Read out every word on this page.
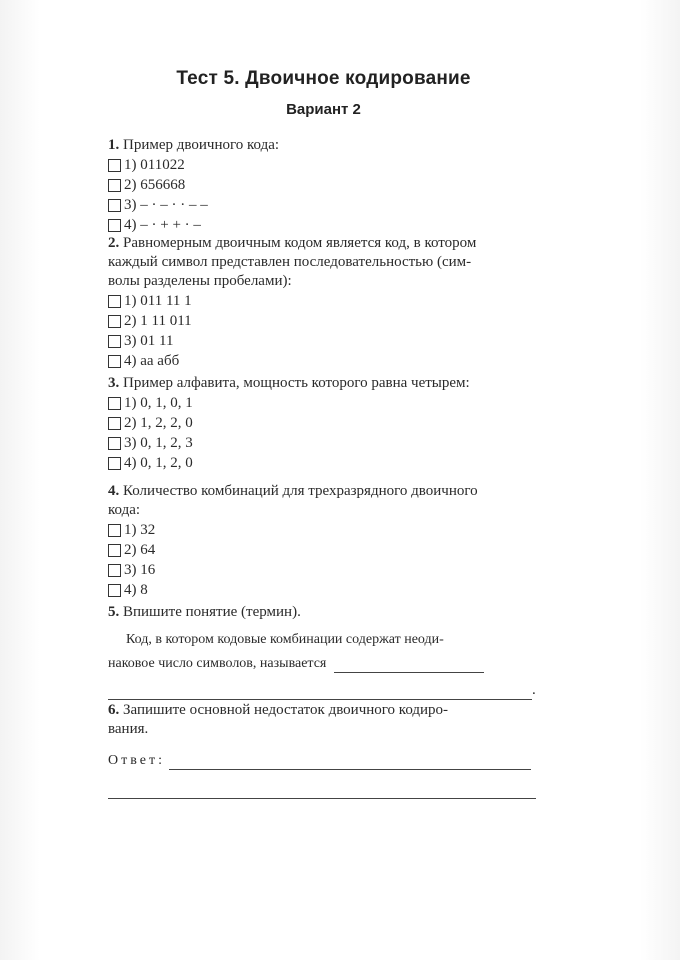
Тест 5. Двоичное кодирование
Вариант 2
1. Пример двоичного кода:
1) 011022
2) 656668
3) – · – · · – –
4) – · + + · –
2. Равномерным двоичным кодом является код, в котором
каждый символ представлен последовательностью (сим-
волы разделены пробелами):
1) 011 11 1
2) 1 11 011
3) 01 11
4) аа абб
3. Пример алфавита, мощность которого равна четырем:
1) 0, 1, 0, 1
2) 1, 2, 2, 0
3) 0, 1, 2, 3
4) 0, 1, 2, 0
4. Количество комбинаций для трехразрядного двоичного
кода:
1) 32
2) 64
3) 16
4) 8
5. Впишите понятие (термин).
Код, в котором кодовые комбинации содержат неоди-
наковое число символов, называется
.
6. Запишите основной недостаток двоичного кодиро-
вания.
Ответ:
